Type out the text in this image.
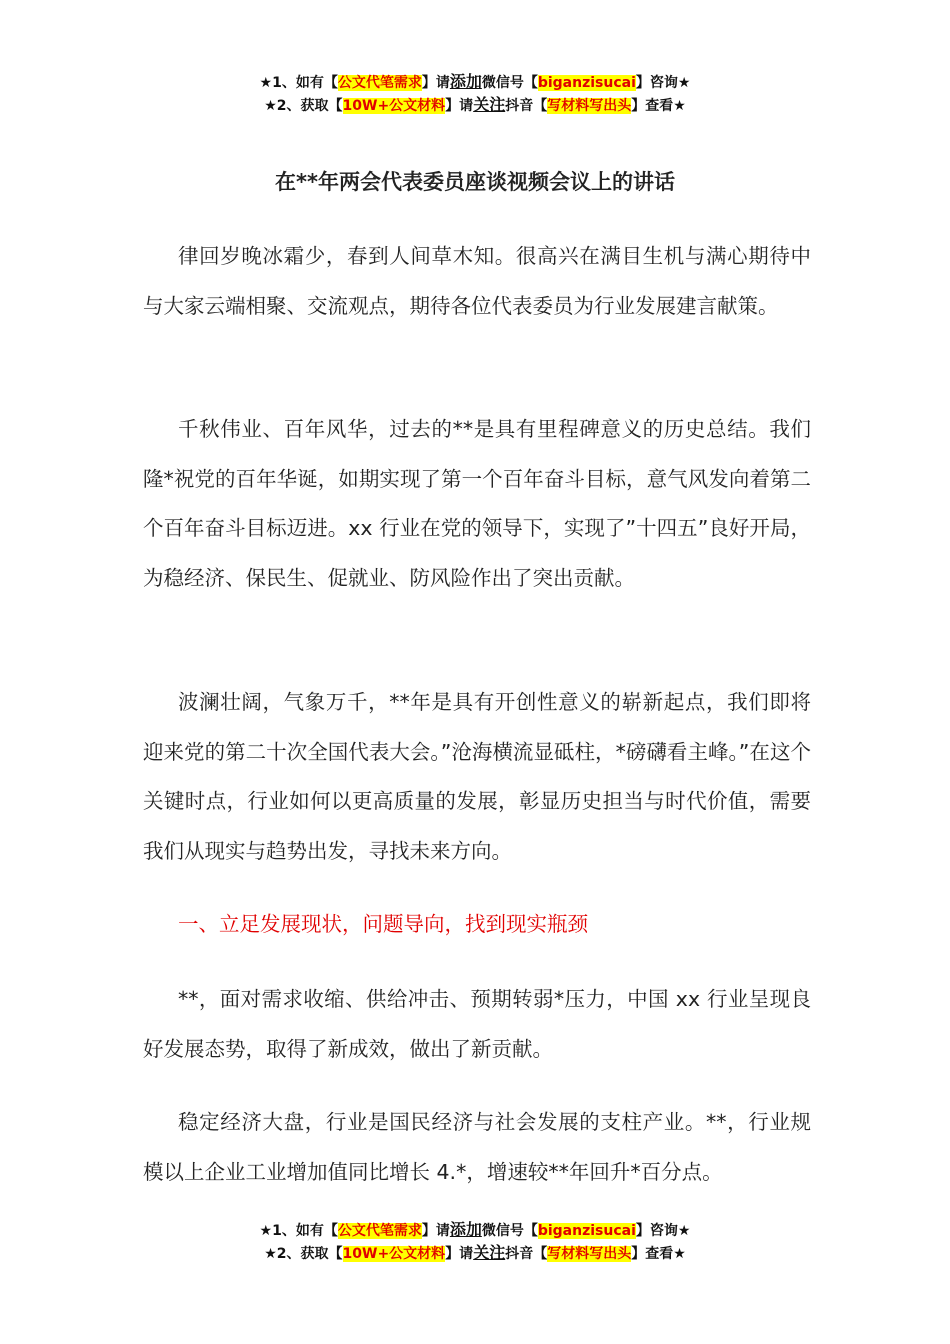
★1、如有【公文代笔需求】请添加微信号【biganzisucai】咨询★
★2、获取【10W+公文材料】请关注抖音【写材料写出头】查看★
在**年两会代表委员座谈视频会议上的讲话

律回岁晚冰霜少，春到人间草木知。很高兴在满目生机与满心期待中与大家云端相聚、交流观点，期待各位代表委员为行业发展建言献策。

千秋伟业、百年风华，过去的**是具有里程碑意义的历史总结。我们隆*祝党的百年华诞，如期实现了第一个百年奋斗目标，意气风发向着第二个百年奋斗目标迈进。xx 行业在党的领导下，实现了”十四五”良好开局，为稳经济、保民生、促就业、防风险作出了突出贡献。

波澜壮阔，气象万千，**年是具有开创性意义的崭新起点，我们即将迎来党的第二十次全国代表大会。”沧海横流显砥柱，*磅礴看主峰。”在这个关键时点，行业如何以更高质量的发展，彰显历史担当与时代价值，需要我们从现实与趋势出发，寻找未来方向。

一、立足发展现状，问题导向，找到现实瓶颈

**，面对需求收缩、供给冲击、预期转弱*压力，中国 xx 行业呈现良好发展态势，取得了新成效，做出了新贡献。

稳定经济大盘，行业是国民经济与社会发展的支柱产业。**，行业规模以上企业工业增加值同比增长 4.*，增速较**年回升*百分点。

★1、如有【公文代笔需求】请添加微信号【biganzisucai】咨询★
★2、获取【10W+公文材料】请关注抖音【写材料写出头】查看★
